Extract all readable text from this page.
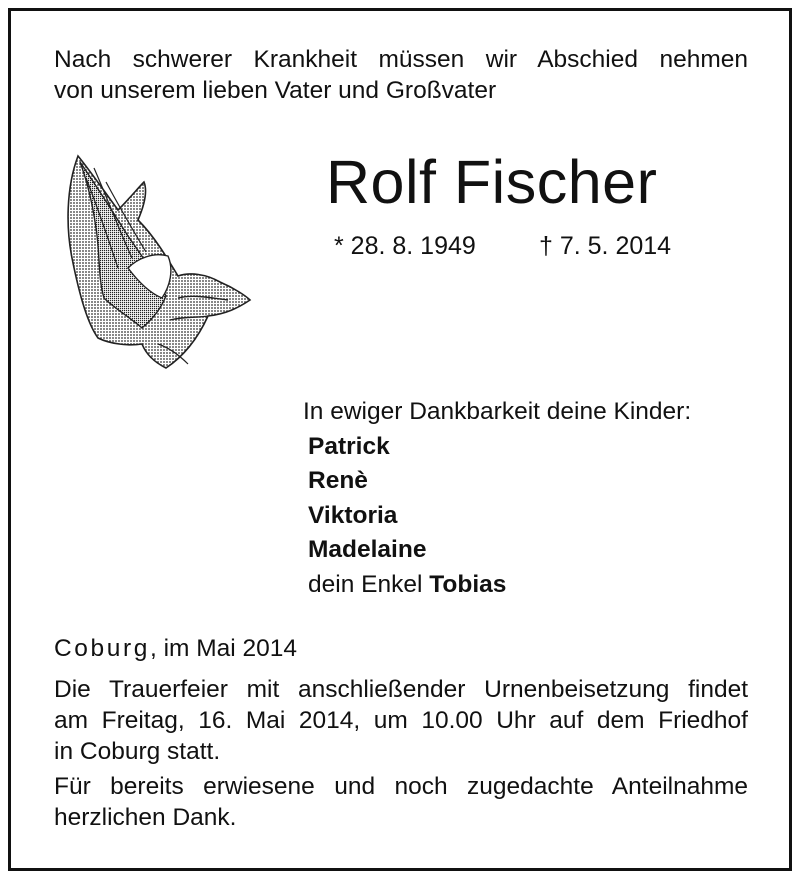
Nach schwerer Krankheit müssen wir Abschied nehmen
von unserem lieben Vater und Großvater
Rolf Fischer
* 28. 8. 1949	† 7. 5. 2014
In ewiger Dankbarkeit deine Kinder:
Patrick
Renè
Viktoria
Madelaine
dein Enkel Tobias
Coburg, im Mai 2014
Die Trauerfeier mit anschließender Urnenbeisetzung findet
am Freitag, 16. Mai 2014, um 10.00 Uhr auf dem Friedhof
in Coburg statt.
Für bereits erwiesene und noch zugedachte Anteilnahme
herzlichen Dank.
